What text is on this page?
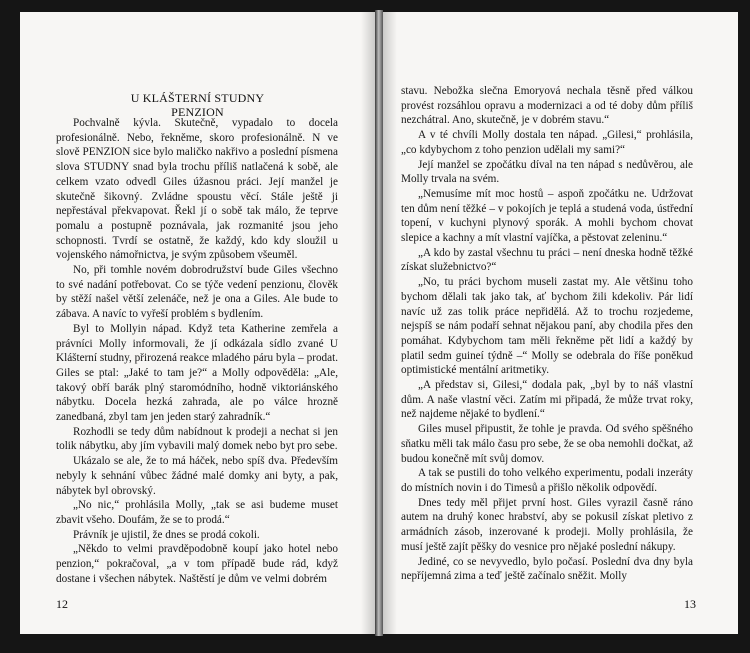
U KLÁŠTERNÍ STUDNY
PENZION

Pochvalně kývla. Skutečně, vypadalo to docela profesionálně. Nebo, řekněme, skoro profesionálně. N ve slově PENZION sice bylo maličko nakřivo a poslední písmena slova STUDNY snad byla trochu příliš natlačená k sobě, ale celkem vzato odvedl Giles úžasnou práci. Její manžel je skutečně šikovný. Zvládne spoustu věcí. Stále ještě ji nepřestával překvapovat. Řekl jí o sobě tak málo, že teprve pomalu a postupně poznávala, jak rozmanité jsou jeho schopnosti. Tvrdí se ostatně, že každý, kdo kdy sloužil u vojenského námořnictva, je svým způsobem všeuměl.

No, při tomhle novém dobrodružství bude Giles všechno to své nadání potřebovat. Co se týče vedení penzionu, člověk by stěží našel větší zelenáče, než je ona a Giles. Ale bude to zábava. A navíc to vyřeší problém s bydlením.

Byl to Mollyin nápad. Když teta Katherine zemřela a právníci Molly informovali, že jí odkázala sídlo zvané U Klášterní studny, přirozená reakce mladého páru byla – prodat. Giles se ptal: „Jaké to tam je?“ a Molly odpověděla: „Ale, takový obří barák plný staromódního, hodně viktoriánského nábytku. Docela hezká zahrada, ale po válce hrozně zanedbaná, zbyl tam jen jeden starý zahradník.“

Rozhodli se tedy dům nabídnout k prodeji a nechat si jen tolik nábytku, aby jím vybavili malý domek nebo byt pro sebe.

Ukázalo se ale, že to má háček, nebo spíš dva. Především nebyly k sehnání vůbec žádné malé domky ani byty, a pak, nábytek byl obrovský.

„No nic,“ prohlásila Molly, „tak se asi budeme muset zbavit všeho. Doufám, že se to prodá.“

Právník je ujistil, že dnes se prodá cokoli.

„Někdo to velmi pravděpodobně koupí jako hotel nebo penzion,“ pokračoval, „a v tom případě bude rád, když dostane i všechen nábytek. Naštěstí je dům ve velmi dobrém

12

stavu. Nebožka slečna Emoryová nechala těsně před válkou provést rozsáhlou opravu a modernizaci a od té doby dům příliš nezchátral. Ano, skutečně, je v dobrém stavu.“

A v té chvíli Molly dostala ten nápad. „Gilesi,“ prohlásila, „co kdybychom z toho penzion udělali my sami?“

Její manžel se zpočátku díval na ten nápad s nedůvěrou, ale Molly trvala na svém.

„Nemusíme mít moc hostů – aspoň zpočátku ne. Udržovat ten dům není těžké – v pokojích je teplá a studená voda, ústřední topení, v kuchyni plynový sporák. A mohli bychom chovat slepice a kachny a mít vlastní vajíčka, a pěstovat zeleninu.“

„A kdo by zastal všechnu tu práci – není dneska hodně těžké získat služebnictvo?“

„No, tu práci bychom museli zastat my. Ale většinu toho bychom dělali tak jako tak, ať bychom žili kdekoliv. Pár lidí navíc už zas tolik práce nepřidělá. Až to trochu rozjedeme, nejspíš se nám podaří sehnat nějakou paní, aby chodila přes den pomáhat. Kdybychom tam měli řekněme pět lidí a každý by platil sedm guineí týdně –“ Molly se odebrala do říše poněkud optimistické mentální aritmetiky.

„A představ si, Gilesi,“ dodala pak, „byl by to náš vlastní dům. A naše vlastní věci. Zatím mi připadá, že může trvat roky, než najdeme nějaké to bydlení.“

Giles musel připustit, že tohle je pravda. Od svého spěšného sňatku měli tak málo času pro sebe, že se oba nemohli dočkat, až budou konečně mít svůj domov.

A tak se pustili do toho velkého experimentu, podali inzeráty do místních novin i do Timesů a přišlo několik odpovědí.

Dnes tedy měl přijet první host. Giles vyrazil časně ráno autem na druhý konec hrabství, aby se pokusil získat pletivo z armádních zásob, inzerované k prodeji. Molly prohlásila, že musí ještě zajít pěšky do vesnice pro nějaké poslední nákupy.

Jediné, co se nevyvedlo, bylo počasí. Poslední dva dny byla nepříjemná zima a teď ještě začínalo sněžit. Molly

13
